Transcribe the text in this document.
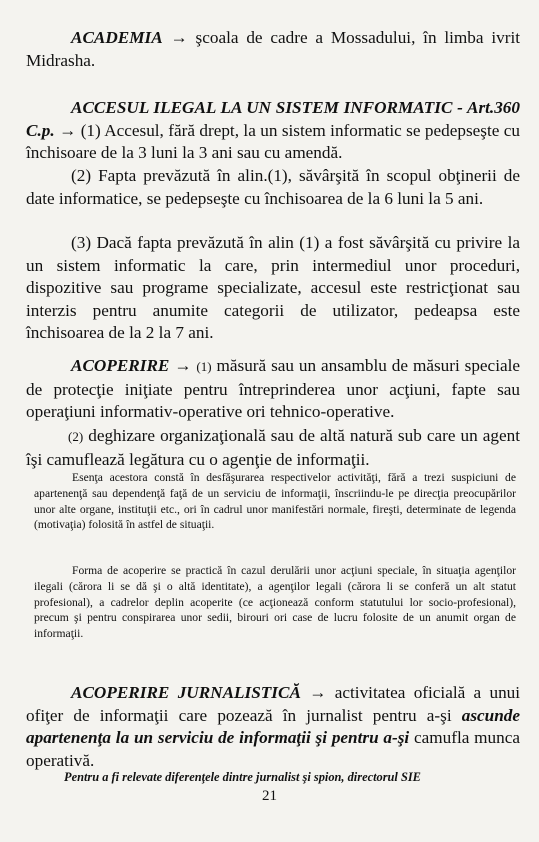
ACADEMIA → şcoala de cadre a Mossadului, în limba ivrit Midrasha.

ACCESUL ILEGAL LA UN SISTEM INFORMATIC - Art.360 C.p. → (1) Accesul, fără drept, la un sistem informatic se pedepseşte cu închisoare de la 3 luni la 3 ani sau cu amendă.

(2) Fapta prevăzută în alin.(1), săvârşită în scopul obţinerii de date informatice, se pedepseşte cu închisoarea de la 6 luni la 5 ani.

(3) Dacă fapta prevăzută în alin (1) a fost săvârşită cu privire la un sistem informatic la care, prin intermediul unor proceduri, dispozitive sau programe specializate, accesul este restricţionat sau interzis pentru anumite categorii de utilizator, pedeapsa este închisoarea de la 2 la 7 ani.

ACOPERIRE → (1) măsură sau un ansamblu de măsuri speciale de protecţie iniţiate pentru întreprinderea unor acţiuni, fapte sau operaţiuni informativ-operative ori tehnico-operative.

(2) deghizare organizaţională sau de altă natură sub care un agent îşi camuflează legătura cu o agenţie de informaţii.

Esenţa acestora constă în desfăşurarea respectivelor activităţi, fără a trezi suspiciuni de apartenenţă sau dependenţă faţă de un serviciu de informaţii, înscriindu-le pe direcţia preocupărilor unor alte organe, instituţii etc., ori în cadrul unor manifestări normale, fireşti, determinate de legenda (motivaţia) folosită în astfel de situaţii.

Forma de acoperire se practică în cazul derulării unor acţiuni speciale, în situaţia agenţilor ilegali (cărora li se dă şi o altă identitate), a agenţilor legali (cărora li se conferă un alt statut profesional), a cadrelor deplin acoperite (ce acţionează conform statutului lor socio-profesional), precum şi pentru conspirarea unor sedii, birouri ori case de lucru folosite de un anumit organ de informaţii.

ACOPERIRE JURNALISTICĂ → activitatea oficială a unui ofiţer de informaţii care pozează în jurnalist pentru a-şi ascunde apartenenţa la un serviciu de informaţii şi pentru a-şi camufla munca operativă.

Pentru a fi relevate diferenţele dintre jurnalist şi spion, directorul SIE

21
